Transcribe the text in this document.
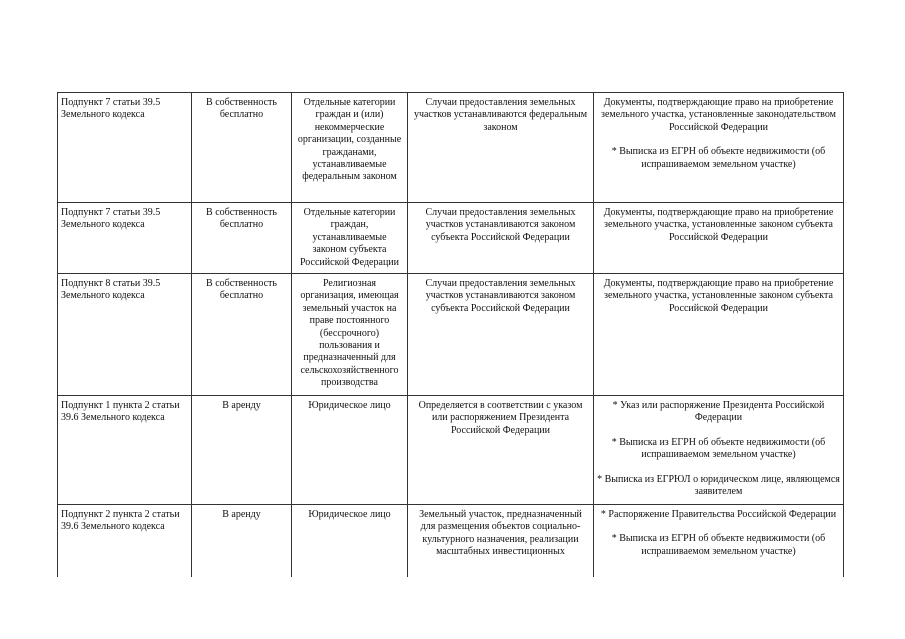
Подпункт 7 статьи 39.5 Земельного кодекса	В собственность бесплатно	Отдельные категории граждан и (или) некоммерческие организации, созданные гражданами, устанавливаемые федеральным законом	Случаи предоставления земельных участков устанавливаются федеральным законом	Документы, подтверждающие право на приобретение земельного участка, установленные законодательством Российской Федерации

* Выписка из ЕГРН об объекте недвижимости (об испрашиваемом земельном участке)

Подпункт 7 статьи 39.5 Земельного кодекса	В собственность бесплатно	Отдельные категории граждан, устанавливаемые законом субъекта Российской Федерации	Случаи предоставления земельных участков устанавливаются законом субъекта Российской Федерации	Документы, подтверждающие право на приобретение земельного участка, установленные законом субъекта Российской Федерации

Подпункт 8 статьи 39.5 Земельного кодекса	В собственность бесплатно	Религиозная организация, имеющая земельный участок на праве постоянного (бессрочного) пользования и предназначенный для сельскохозяйственного производства	Случаи предоставления земельных участков устанавливаются законом субъекта Российской Федерации	Документы, подтверждающие право на приобретение земельного участка, установленные законом субъекта Российской Федерации

Подпункт 1 пункта 2 статьи 39.6 Земельного кодекса	В аренду	Юридическое лицо	Определяется в соответствии с указом или распоряжением Президента Российской Федерации	* Указ или распоряжение Президента Российской Федерации

* Выписка из ЕГРН об объекте недвижимости (об испрашиваемом земельном участке)

* Выписка из ЕГРЮЛ о юридическом лице, являющемся заявителем

Подпункт 2 пункта 2 статьи 39.6 Земельного кодекса	В аренду	Юридическое лицо	Земельный участок, предназначенный для размещения объектов социально-культурного назначения, реализации масштабных инвестиционных	* Распоряжение Правительства Российской Федерации

* Выписка из ЕГРН об объекте недвижимости (об испрашиваемом земельном участке)
